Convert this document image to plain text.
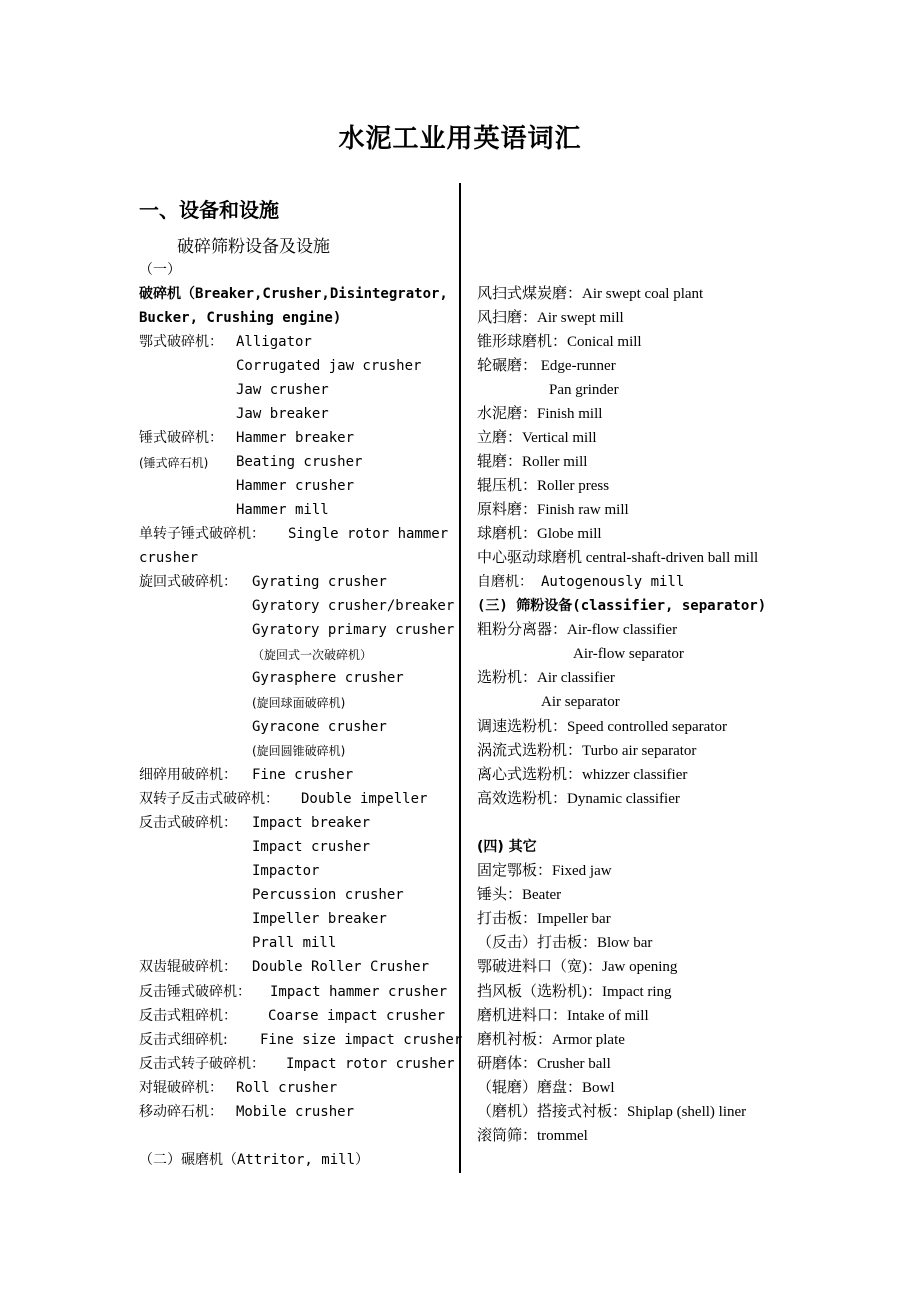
水泥工业用英语词汇
一、设备和设施
破碎筛粉设备及设施
（一）
破碎机（Breaker,Crusher,Disintegrator,
Bucker, Crushing engine)
鄂式破碎机： Alligator
Corrugated jaw crusher
Jaw crusher
Jaw breaker
锤式破碎机： Hammer breaker
(锤式碎石机) Beating crusher
Hammer crusher
Hammer mill
单转子锤式破碎机： Single rotor hammer
crusher
旋回式破碎机： Gyrating crusher
Gyratory crusher/breaker
Gyratory primary crusher
（旋回式一次破碎机）
Gyrasphere crusher
(旋回球面破碎机)
Gyracone crusher
(旋回圆锥破碎机)
细碎用破碎机： Fine crusher
双转子反击式破碎机： Double impeller
反击式破碎机： Impact breaker
Impact crusher
Impactor
Percussion crusher
Impeller breaker
Prall mill
双齿辊破碎机： Double Roller Crusher
反击锤式破碎机： Impact hammer crusher
反击式粗碎机： Coarse impact crusher
反击式细碎机: Fine size impact crusher
反击式转子破碎机： Impact rotor crusher
对辊破碎机： Roll crusher
移动碎石机： Mobile crusher
（二）碾磨机（Attritor, mill）
风扫式煤炭磨：Air swept coal plant
风扫磨：Air swept mill
锥形球磨机：Conical mill
轮碾磨： Edge-runner
Pan grinder
水泥磨：Finish mill
立磨：Vertical mill
辊磨：Roller mill
辊压机：Roller press
原料磨：Finish raw mill
球磨机：Globe mill
中心驱动球磨机 central-shaft-driven ball mill
自磨机： Autogenously mill
(三) 筛粉设备(classifier, separator)
粗粉分离器：Air-flow classifier
Air-flow separator
选粉机：Air classifier
Air separator
调速选粉机：Speed controlled separator
涡流式选粉机：Turbo air separator
离心式选粉机：whizzer classifier
高效选粉机：Dynamic classifier
(四) 其它
固定鄂板：Fixed jaw
锤头：Beater
打击板：Impeller bar
（反击）打击板：Blow bar
鄂破进料口（宽)：Jaw opening
挡风板（选粉机)：Impact ring
磨机进料口：Intake of mill
磨机衬板：Armor plate
研磨体：Crusher ball
（辊磨）磨盘：Bowl
（磨机）搭接式衬板：Shiplap (shell) liner
滚筒筛：trommel
